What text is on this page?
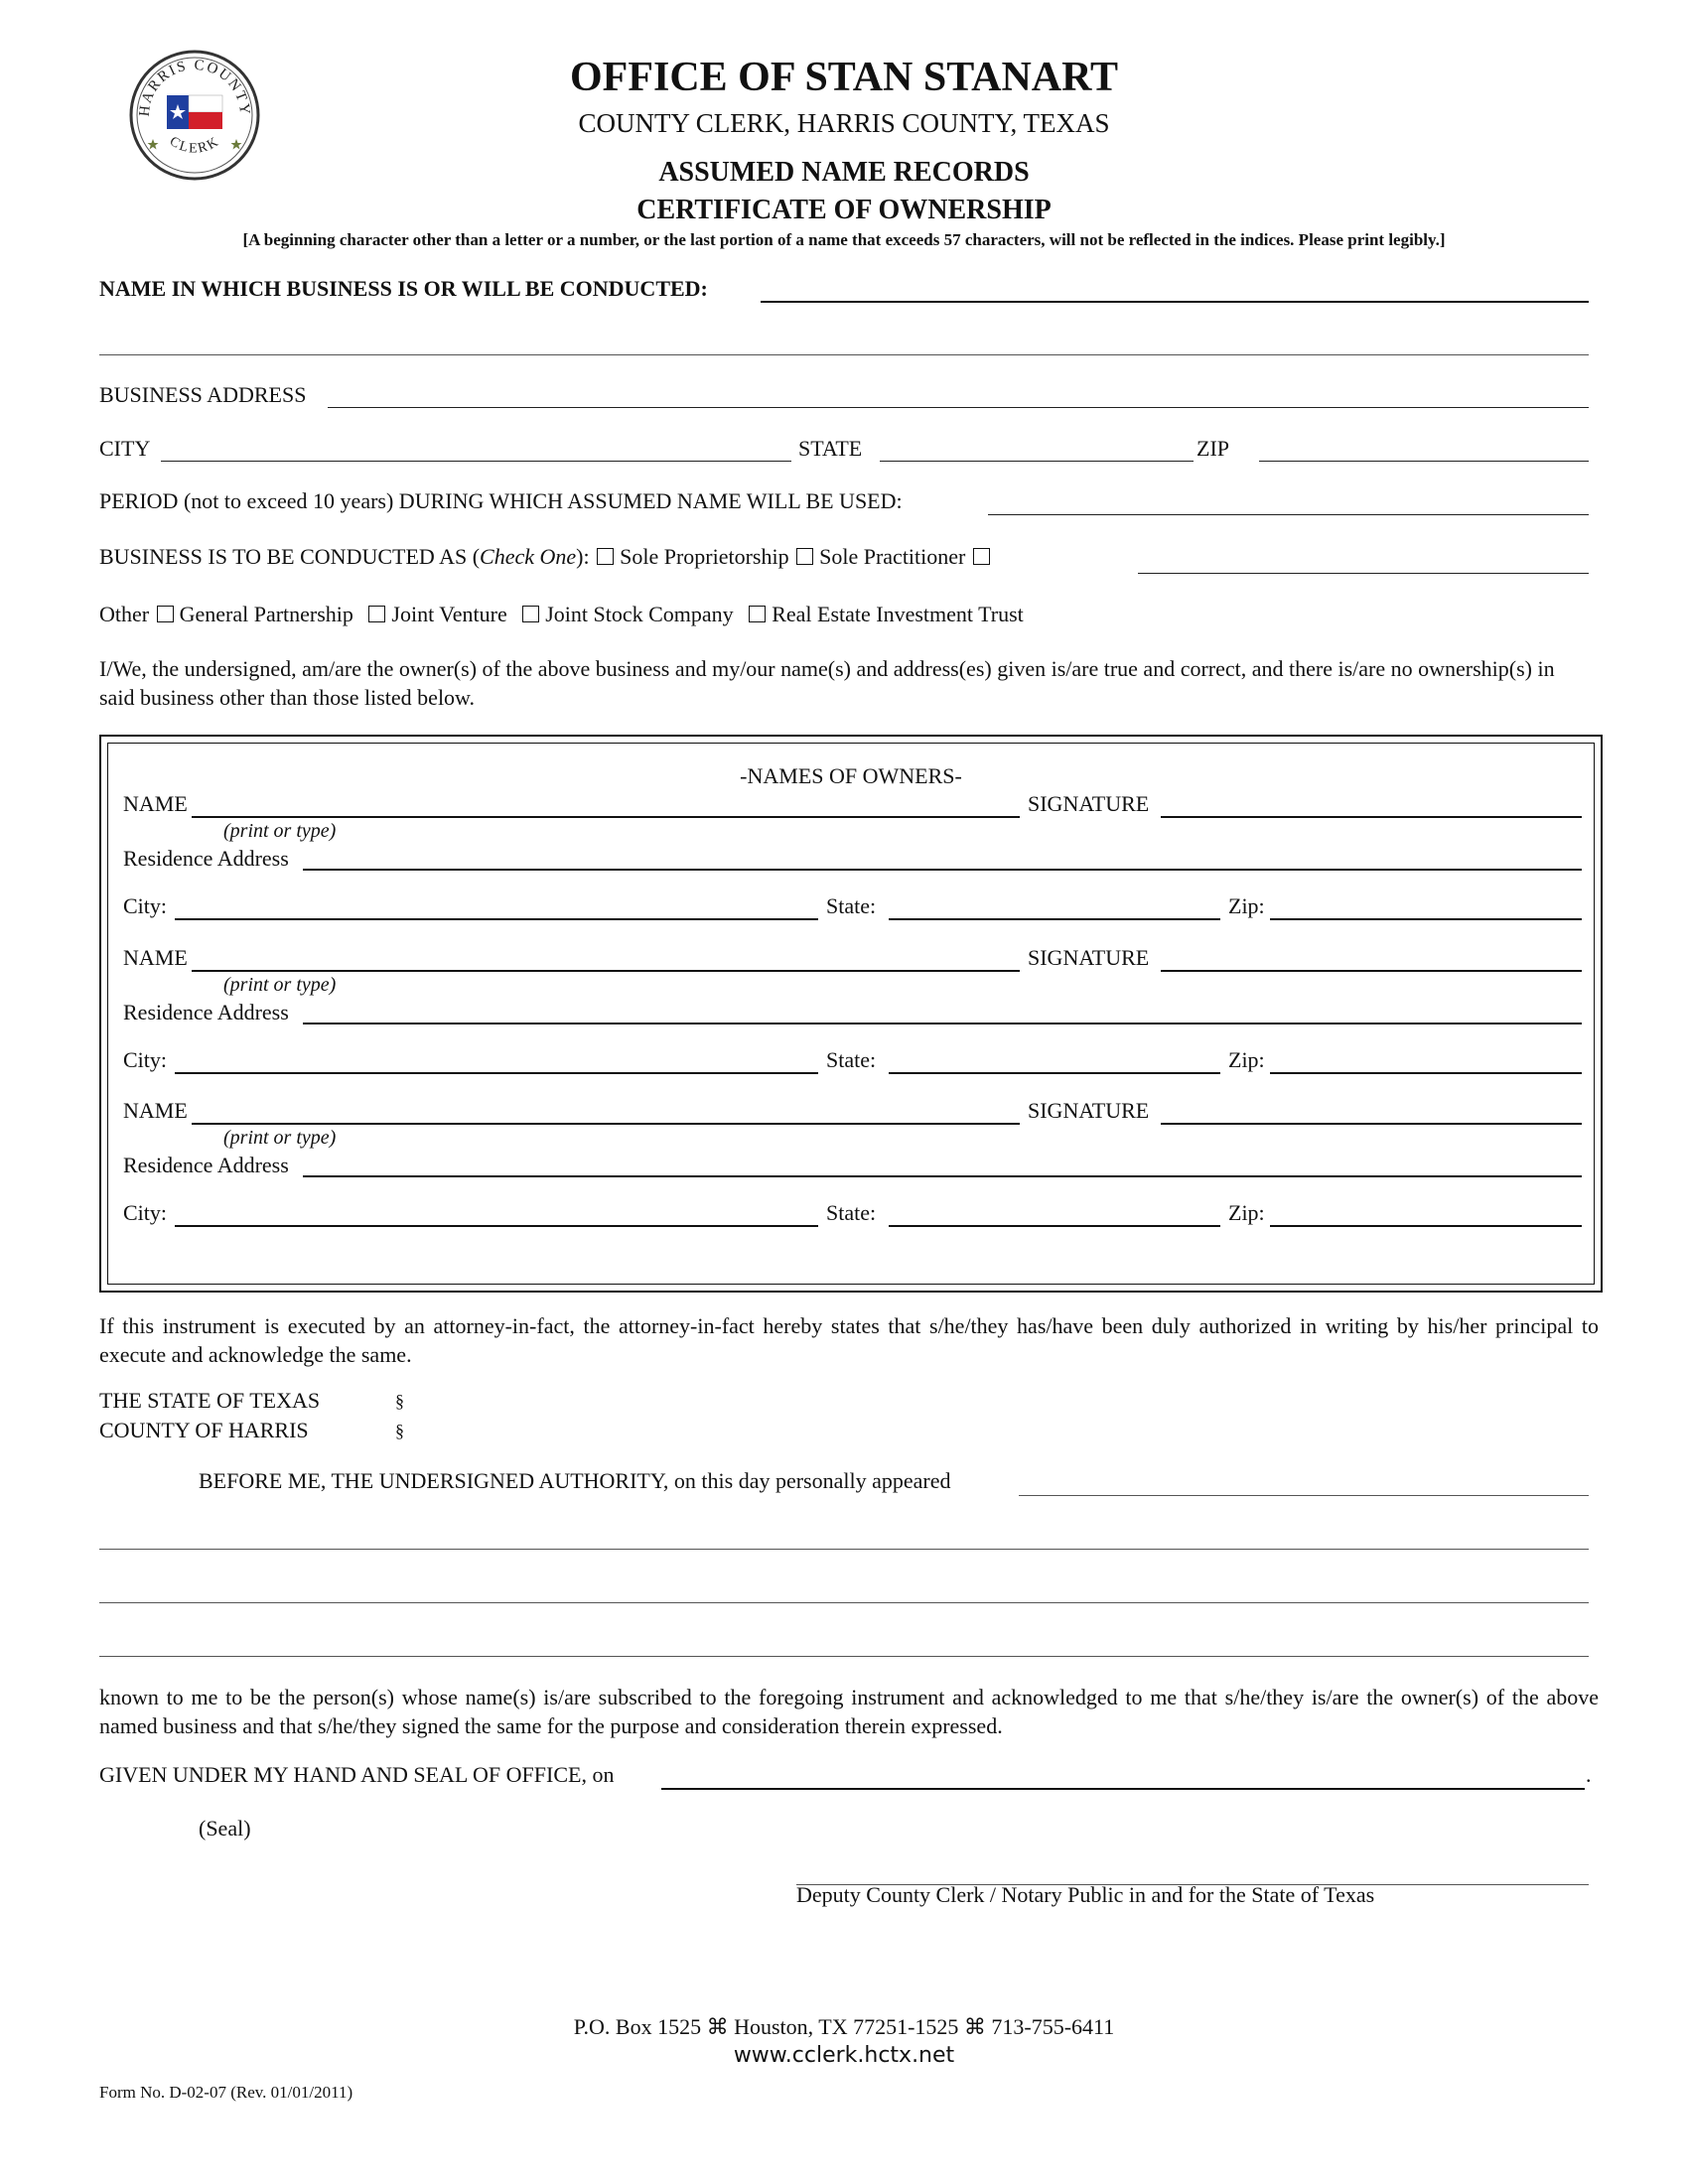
HARRIS COUNTY
CLERK
OFFICE OF STAN STANART
COUNTY CLERK, HARRIS COUNTY, TEXAS
ASSUMED NAME RECORDS
CERTIFICATE OF OWNERSHIP
[A beginning character other than a letter or a number, or the last portion of a name that exceeds 57 characters, will not be reflected in the indices. Please print legibly.]
NAME IN WHICH BUSINESS IS OR WILL BE CONDUCTED:
BUSINESS ADDRESS
CITY	STATE	ZIP
PERIOD (not to exceed 10 years) DURING WHICH ASSUMED NAME WILL BE USED:
BUSINESS IS TO BE CONDUCTED AS (Check One): Sole Proprietorship Sole Practitioner
Other General Partnership Joint Venture Joint Stock Company Real Estate Investment Trust
I/We, the undersigned, am/are the owner(s) of the above business and my/our name(s) and address(es) given is/are true and correct, and there is/are no ownership(s) in said business other than those listed below.
-NAMES OF OWNERS-
NAME	SIGNATURE
(print or type)
Residence Address
City:	State:	Zip:
NAME	SIGNATURE
(print or type)
Residence Address
City:	State:	Zip:
NAME	SIGNATURE
(print or type)
Residence Address
City:	State:	Zip:
If this instrument is executed by an attorney-in-fact, the attorney-in-fact hereby states that s/he/they has/have been duly authorized in writing by his/her principal to execute and acknowledge the same.
THE STATE OF TEXAS	§
COUNTY OF HARRIS	§
BEFORE ME, THE UNDERSIGNED AUTHORITY, on this day personally appeared
known to me to be the person(s) whose name(s) is/are subscribed to the foregoing instrument and acknowledged to me that s/he/they is/are the owner(s) of the above named business and that s/he/they signed the same for the purpose and consideration therein expressed.
GIVEN UNDER MY HAND AND SEAL OF OFFICE, on	.
(Seal)
Deputy County Clerk / Notary Public in and for the State of Texas
P.O. Box 1525 ⌘ Houston, TX 77251-1525 ⌘ 713-755-6411
www.cclerk.hctx.net
Form No. D-02-07 (Rev. 01/01/2011)
